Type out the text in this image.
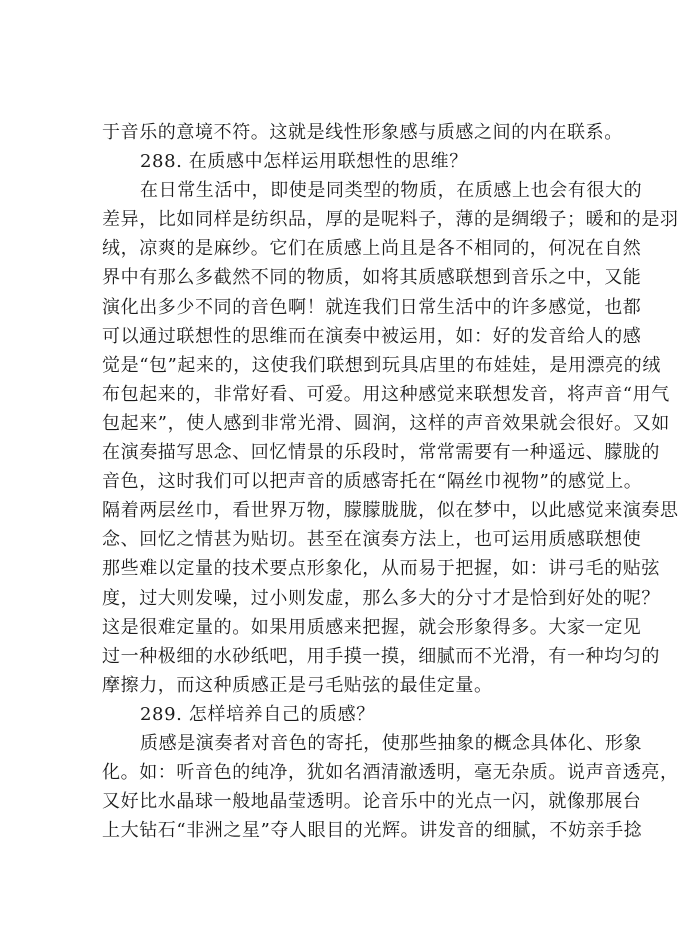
于音乐的意境不符。这就是线性形象感与质感之间的内在联系。
288. 在质感中怎样运用联想性的思维？
在日常生活中，即使是同类型的物质，在质感上也会有很大的
差异，比如同样是纺织品，厚的是呢料子，薄的是绸缎子；暖和的是羽
绒，凉爽的是麻纱。它们在质感上尚且是各不相同的，何况在自然
界中有那么多截然不同的物质，如将其质感联想到音乐之中，又能
演化出多少不同的音色啊！就连我们日常生活中的许多感觉，也都
可以通过联想性的思维而在演奏中被运用，如：好的发音给人的感
觉是“包”起来的，这使我们联想到玩具店里的布娃娃，是用漂亮的绒
布包起来的，非常好看、可爱。用这种感觉来联想发音，将声音“用气
包起来”，使人感到非常光滑、圆润，这样的声音效果就会很好。又如
在演奏描写思念、回忆情景的乐段时，常常需要有一种遥远、朦胧的
音色，这时我们可以把声音的质感寄托在“隔丝巾视物”的感觉上。
隔着两层丝巾，看世界万物，朦朦胧胧，似在梦中，以此感觉来演奏思
念、回忆之情甚为贴切。甚至在演奏方法上，也可运用质感联想使
那些难以定量的技术要点形象化，从而易于把握，如：讲弓毛的贴弦
度，过大则发噪，过小则发虚，那么多大的分寸才是恰到好处的呢？
这是很难定量的。如果用质感来把握，就会形象得多。大家一定见
过一种极细的水砂纸吧，用手摸一摸，细腻而不光滑，有一种均匀的
摩擦力，而这种质感正是弓毛贴弦的最佳定量。
289. 怎样培养自己的质感？
质感是演奏者对音色的寄托，使那些抽象的概念具体化、形象
化。如：听音色的纯净，犹如名酒清澈透明，毫无杂质。说声音透亮，
又好比水晶球一般地晶莹透明。论音乐中的光点一闪，就像那展台
上大钻石“非洲之星”夺人眼目的光辉。讲发音的细腻，不妨亲手捻
